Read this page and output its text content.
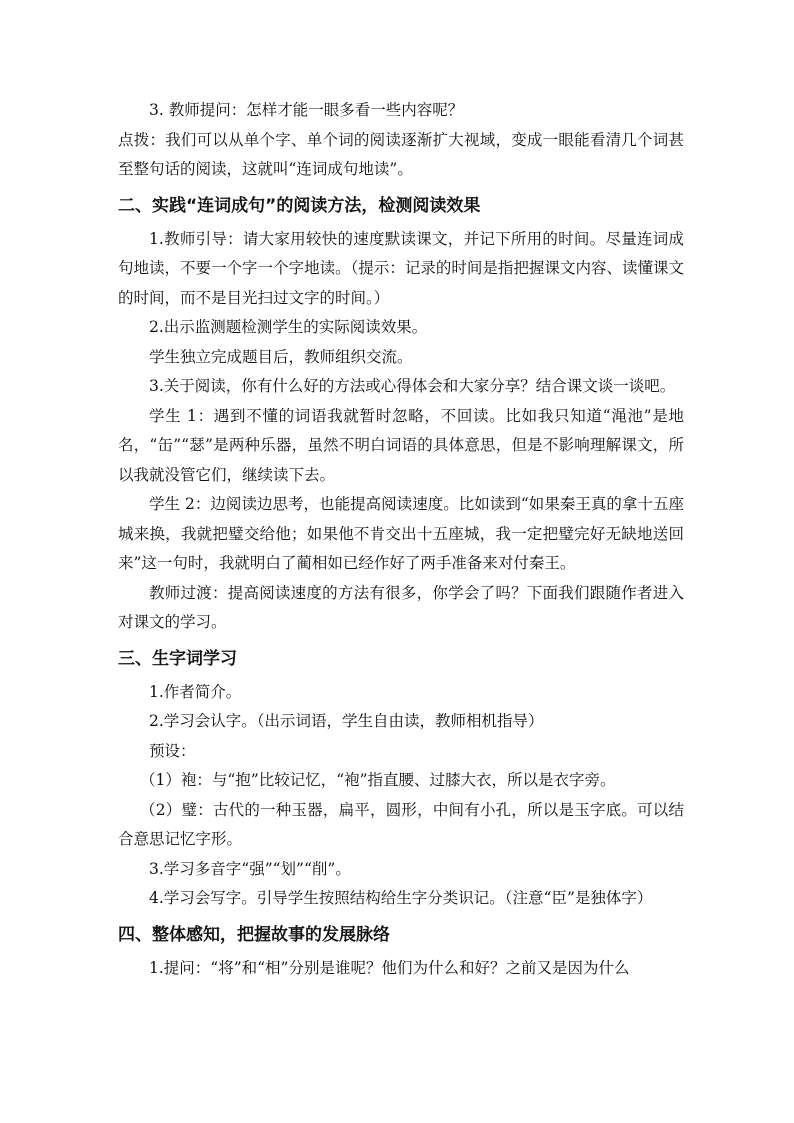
3. 教师提问：怎样才能一眼多看一些内容呢？

点拨：我们可以从单个字、单个词的阅读逐渐扩大视域，变成一眼能看清几个词甚至整句话的阅读，这就叫“连词成句地读”。

二、实践“连词成句”的阅读方法，检测阅读效果

1.教师引导：请大家用较快的速度默读课文，并记下所用的时间。尽量连词成句地读，不要一个字一个字地读。（提示：记录的时间是指把握课文内容、读懂课文的时间，而不是目光扫过文字的时间。）

2.出示监测题检测学生的实际阅读效果。

学生独立完成题目后，教师组织交流。

3.关于阅读，你有什么好的方法或心得体会和大家分享？结合课文谈一谈吧。

学生 1：遇到不懂的词语我就暂时忽略，不回读。比如我只知道“渑池”是地名，“缶”“瑟”是两种乐器，虽然不明白词语的具体意思，但是不影响理解课文，所以我就没管它们，继续读下去。

学生 2：边阅读边思考，也能提高阅读速度。比如读到“如果秦王真的拿十五座城来换，我就把璧交给他；如果他不肯交出十五座城，我一定把璧完好无缺地送回来”这一句时，我就明白了蔺相如已经作好了两手准备来对付秦王。

教师过渡：提高阅读速度的方法有很多，你学会了吗？下面我们跟随作者进入对课文的学习。

三、生字词学习

1.作者简介。

2.学习会认字。（出示词语，学生自由读，教师相机指导）

预设：

（1）袍：与“抱”比较记忆，“袍”指直腰、过膝大衣，所以是衣字旁。

（2）璧：古代的一种玉器，扁平，圆形，中间有小孔，所以是玉字底。可以结合意思记忆字形。

3.学习多音字“强”“划”“削”。

4.学习会写字。引导学生按照结构给生字分类识记。（注意“臣”是独体字）

四、整体感知，把握故事的发展脉络

1.提问：“将”和“相”分别是谁呢？他们为什么和好？之前又是因为什么
